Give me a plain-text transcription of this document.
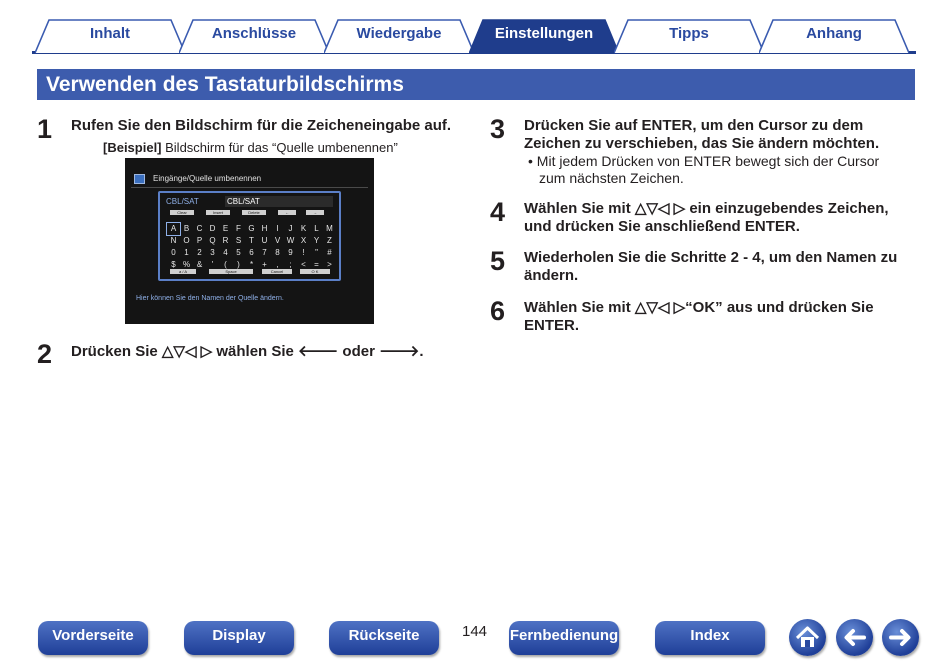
Inhalt	Anschlüsse	Wiedergabe	Einstellungen	Tipps	Anhang
Verwenden des Tastaturbildschirms
1 Rufen Sie den Bildschirm für die Zeicheneingabe auf.
[Beispiel] Bildschirm für das “Quelle umbenennen”
Eingänge/Quelle umbenennen
CBL/SAT	CBL/SAT
Clear	Insert	Delete	←	→
A B C D E F G H I J K L M
N O P Q R S T U V W X Y Z
0 1 2 3 4 5 6 7 8 9 ! " #
$ % & ' ( ) * + , ; < = >
a / A	Space	Cancel	O K
Hier können Sie den Namen der Quelle ändern.
2 Drücken Sie △▽◁ ▷ wählen Sie 🡐 oder 🡒.
3 Drücken Sie auf ENTER, um den Cursor zu dem
Zeichen zu verschieben, das Sie ändern möchten.
• Mit jedem Drücken von ENTER bewegt sich der Cursor
zum nächsten Zeichen.
4 Wählen Sie mit △▽◁ ▷ ein einzugebendes Zeichen,
und drücken Sie anschließend ENTER.
5 Wiederholen Sie die Schritte 2 - 4, um den Namen zu
ändern.
6 Wählen Sie mit △▽◁ ▷“OK” aus und drücken Sie
ENTER.
Vorderseite	Display	Rückseite	144 Fernbedienung	Index
